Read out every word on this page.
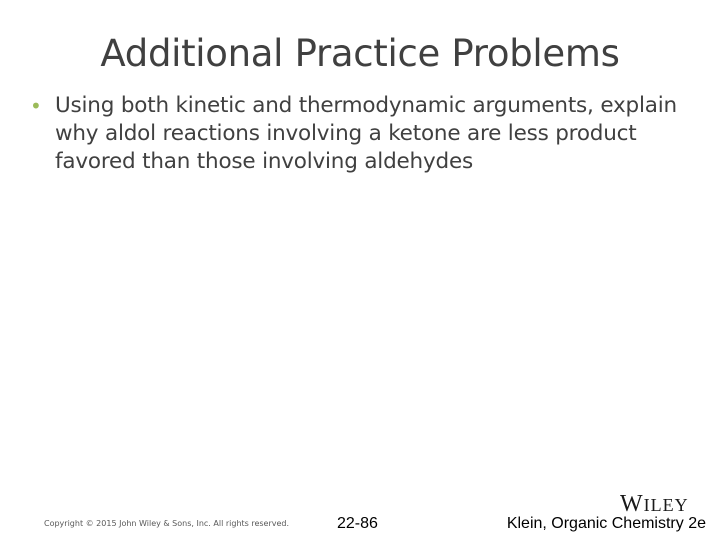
Additional Practice Problems
• Using both kinetic and thermodynamic arguments, explain why aldol reactions involving a ketone are less product favored than those involving aldehydes
Copyright © 2015 John Wiley & Sons, Inc. All rights reserved.	22-86
WILEY
Klein, Organic Chemistry 2e
